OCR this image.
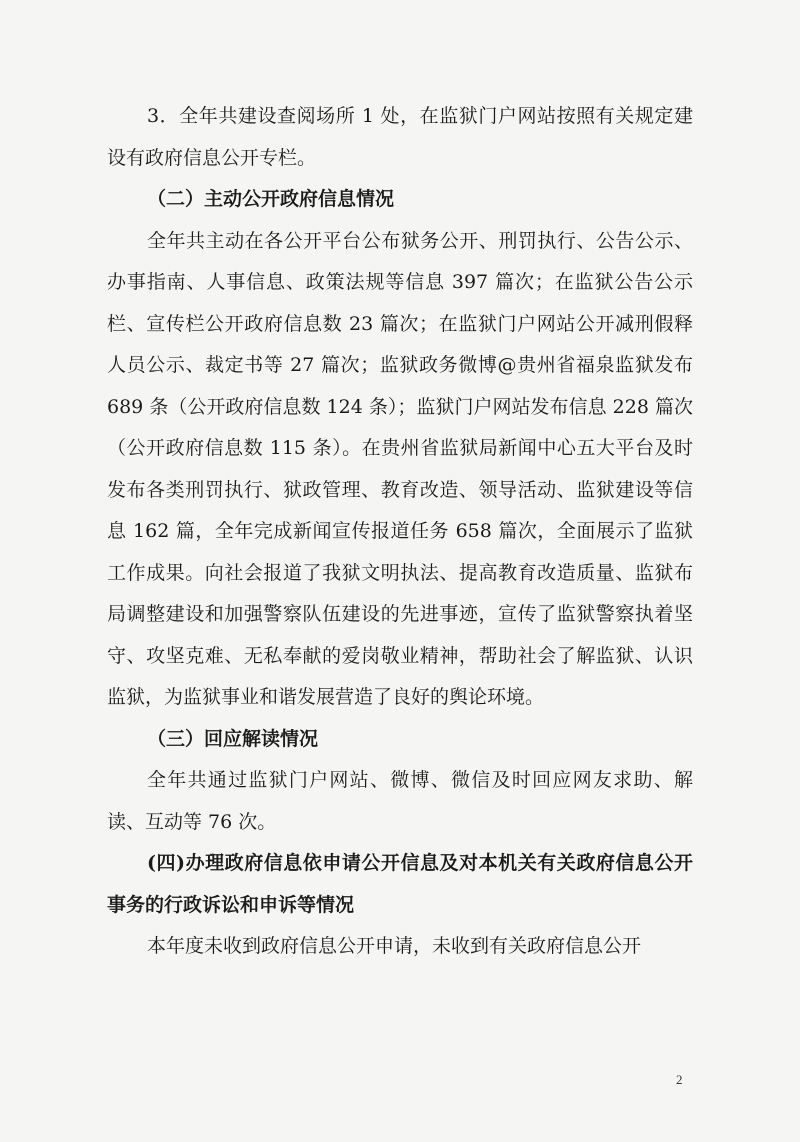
3．全年共建设查阅场所 1 处，在监狱门户网站按照有关规定建设有政府信息公开专栏。

（二）主动公开政府信息情况

全年共主动在各公开平台公布狱务公开、刑罚执行、公告公示、办事指南、人事信息、政策法规等信息 397 篇次；在监狱公告公示栏、宣传栏公开政府信息数 23 篇次；在监狱门户网站公开减刑假释人员公示、裁定书等 27 篇次；监狱政务微博@贵州省福泉监狱发布 689 条（公开政府信息数 124 条）；监狱门户网站发布信息 228 篇次（公开政府信息数 115 条）。在贵州省监狱局新闻中心五大平台及时发布各类刑罚执行、狱政管理、教育改造、领导活动、监狱建设等信息 162 篇，全年完成新闻宣传报道任务 658 篇次，全面展示了监狱工作成果。向社会报道了我狱文明执法、提高教育改造质量、监狱布局调整建设和加强警察队伍建设的先进事迹，宣传了监狱警察执着坚守、攻坚克难、无私奉献的爱岗敬业精神，帮助社会了解监狱、认识监狱，为监狱事业和谐发展营造了良好的舆论环境。

（三）回应解读情况

全年共通过监狱门户网站、微博、微信及时回应网友求助、解读、互动等 76 次。

(四)办理政府信息依申请公开信息及对本机关有关政府信息公开事务的行政诉讼和申诉等情况

本年度未收到政府信息公开申请，未收到有关政府信息公开

2
